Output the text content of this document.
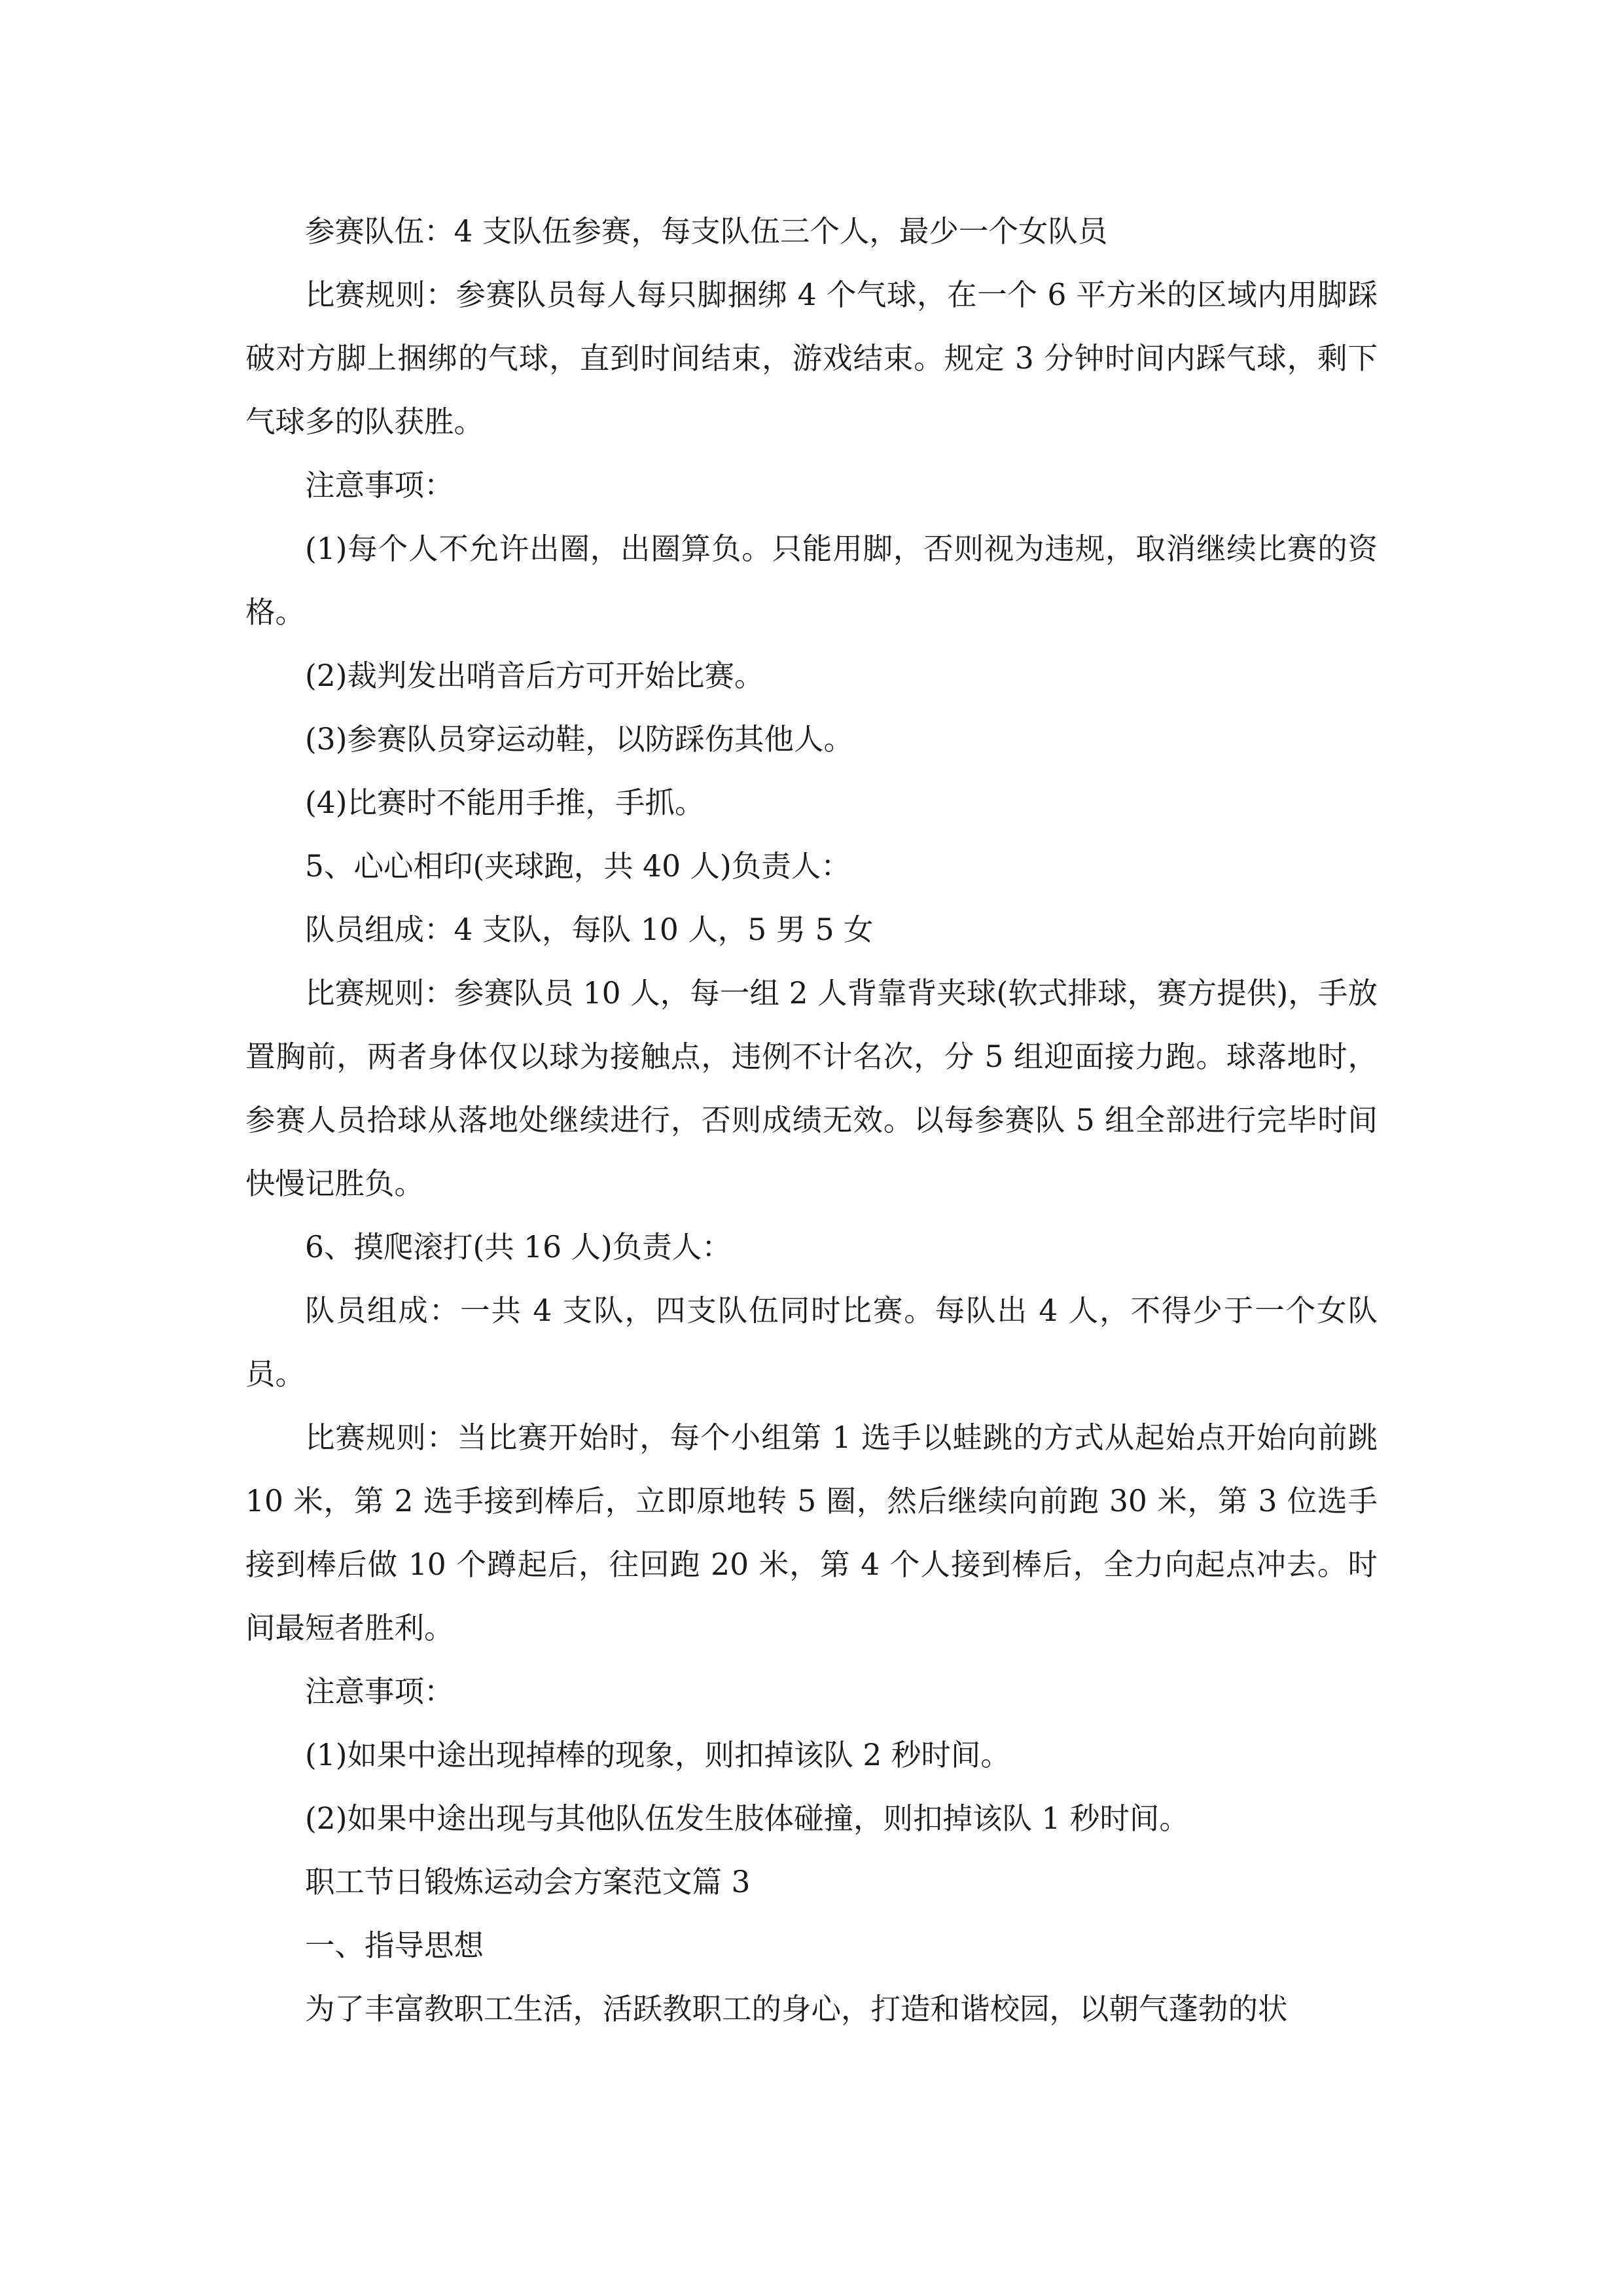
参赛队伍：4 支队伍参赛，每支队伍三个人，最少一个女队员

比赛规则：参赛队员每人每只脚捆绑 4 个气球，在一个 6 平方米的区域内用脚踩破对方脚上捆绑的气球，直到时间结束，游戏结束。规定 3 分钟时间内踩气球，剩下气球多的队获胜。

注意事项：

(1)每个人不允许出圈，出圈算负。只能用脚，否则视为违规，取消继续比赛的资格。

(2)裁判发出哨音后方可开始比赛。

(3)参赛队员穿运动鞋，以防踩伤其他人。

(4)比赛时不能用手推，手抓。

5、心心相印(夹球跑，共 40 人)负责人：

队员组成：4 支队，每队 10 人，5 男 5 女

比赛规则：参赛队员 10 人，每一组 2 人背靠背夹球(软式排球，赛方提供)，手放置胸前，两者身体仅以球为接触点，违例不计名次，分 5 组迎面接力跑。球落地时，参赛人员拾球从落地处继续进行，否则成绩无效。以每参赛队 5 组全部进行完毕时间快慢记胜负。

6、摸爬滚打(共 16 人)负责人：

队员组成：一共 4 支队，四支队伍同时比赛。每队出 4 人，不得少于一个女队员。

比赛规则：当比赛开始时，每个小组第 1 选手以蛙跳的方式从起始点开始向前跳 10 米，第 2 选手接到棒后，立即原地转 5 圈，然后继续向前跑 30 米，第 3 位选手接到棒后做 10 个蹲起后，往回跑 20 米，第 4 个人接到棒后，全力向起点冲去。时间最短者胜利。

注意事项：

(1)如果中途出现掉棒的现象，则扣掉该队 2 秒时间。

(2)如果中途出现与其他队伍发生肢体碰撞，则扣掉该队 1 秒时间。

职工节日锻炼运动会方案范文篇 3

一、指导思想

为了丰富教职工生活，活跃教职工的身心，打造和谐校园，以朝气蓬勃的状
